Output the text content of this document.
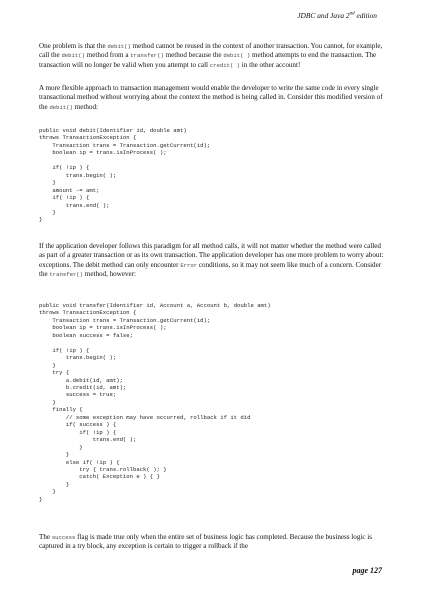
JDBC and Java 2nd edition

One problem is that the debit() method cannot be reused in the context of another transaction. You cannot, for example, call the debit() method from a transfer() method because the debit( ) method attempts to end the transaction. The transaction will no longer be valid when you attempt to call credit( ) in the other account!

A more flexible approach to transaction management would enable the developer to write the same code in every single transactional method without worrying about the context the method is being called in. Consider this modified version of the debit() method:

public void debit(Identifier id, double amt)
throws TransactionException {
Transaction trans = Transaction.getCurrent(id);
boolean ip = trans.isInProcess( );

if( !ip ) {
trans.begin( );
}
amount -= amt;
if( !ip ) {
trans.end( );
}
}

If the application developer follows this paradigm for all method calls, it will not matter whether the method were called as part of a greater transaction or as its own transaction. The application developer has one more problem to worry about: exceptions. The debit method can only encounter Error conditions, so it may not seem like much of a concern. Consider the transfer() method, however:

public void transfer(Identifier id, Account a, Account b, double amt)
throws TransactionException {
Transaction trans = Transaction.getCurrent(id);
boolean ip = trans.isInProcess( );
boolean success = false;

if( !ip ) {
trans.begin( );
}
try {
a.debit(id, amt);
b.credit(id, amt);
success = true;
}
finally {
// some exception may have occurred, rollback if it did
if( success ) {
if( !ip ) {
trans.end( );
}
}
else if( !ip ) {
try { trans.rollback( ); }
catch( Exception e ) { }
}
}
}

The success flag is made true only when the entire set of business logic has completed. Because the business logic is captured in a try block, any exception is certain to trigger a rollback if the

page 127
